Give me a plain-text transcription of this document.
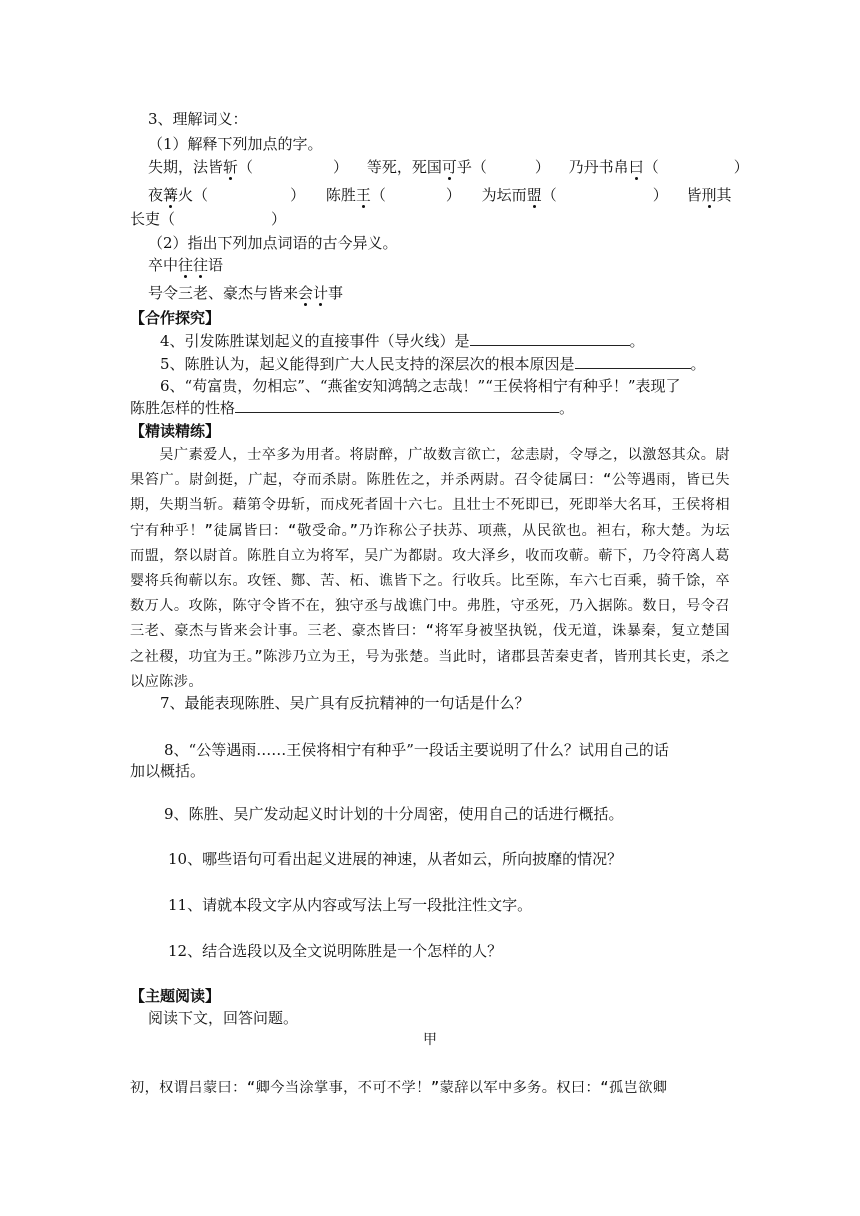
3、理解词义：
（1）解释下列加点的字。
失期，法皆斩（	） 等死，死国可乎（	） 乃丹书帛曰（	）
夜篝火（	） 陈胜王（	） 为坛而盟（	） 皆刑其
长吏（	）
（2）指出下列加点词语的古今异义。
卒中往往语
号令三老、豪杰与皆来会计事
【合作探究】
4、引发陈胜谋划起义的直接事件（导火线）是	。
5、陈胜认为，起义能得到广大人民支持的深层次的根本原因是	。
6、“苟富贵，勿相忘”、“燕雀安知鸿鹄之志哉！”“王侯将相宁有种乎！”表现了
陈胜怎样的性格	。
【精读精练】
　　吴广素爱人，士卒多为用者。将尉醉，广故数言欲亡，忿恚尉，令辱之，以激怒其众。尉果笞广。尉剑挺，广起，夺而杀尉。陈胜佐之，并杀两尉。召令徒属曰：“公等遇雨，皆已失期，失期当斩。藉第令毋斩，而戍死者固十六七。且壮士不死即已，死即举大名耳，王侯将相宁有种乎！”徒属皆曰：“敬受命。”乃诈称公子扶苏、项燕，从民欲也。袒右，称大楚。为坛而盟，祭以尉首。陈胜自立为将军，吴广为都尉。攻大泽乡，收而攻蕲。蕲下，乃令符离人葛婴将兵徇蕲以东。攻铚、酂、苦、柘、谯皆下之。行收兵。比至陈，车六七百乘，骑千馀，卒数万人。攻陈，陈守令皆不在，独守丞与战谯门中。弗胜，守丞死，乃入据陈。数日，号令召三老、豪杰与皆来会计事。三老、豪杰皆曰：“将军身被坚执锐，伐无道，诛暴秦，复立楚国之社稷，功宜为王。”陈涉乃立为王，号为张楚。当此时，诸郡县苦秦吏者，皆刑其长吏，杀之以应陈涉。
7、最能表现陈胜、吴广具有反抗精神的一句话是什么？
8、“公等遇雨……王侯将相宁有种乎”一段话主要说明了什么？试用自己的话
加以概括。
9、陈胜、吴广发动起义时计划的十分周密，使用自己的话进行概括。
10、哪些语句可看出起义进展的神速，从者如云，所向披靡的情况？
11、请就本段文字从内容或写法上写一段批注性文字。
12、结合选段以及全文说明陈胜是一个怎样的人？
【主题阅读】
阅读下文，回答问题。
甲
初，权谓吕蒙曰：“卿今当涂掌事，不可不学！”蒙辞以军中多务。权曰：“孤岂欲卿
